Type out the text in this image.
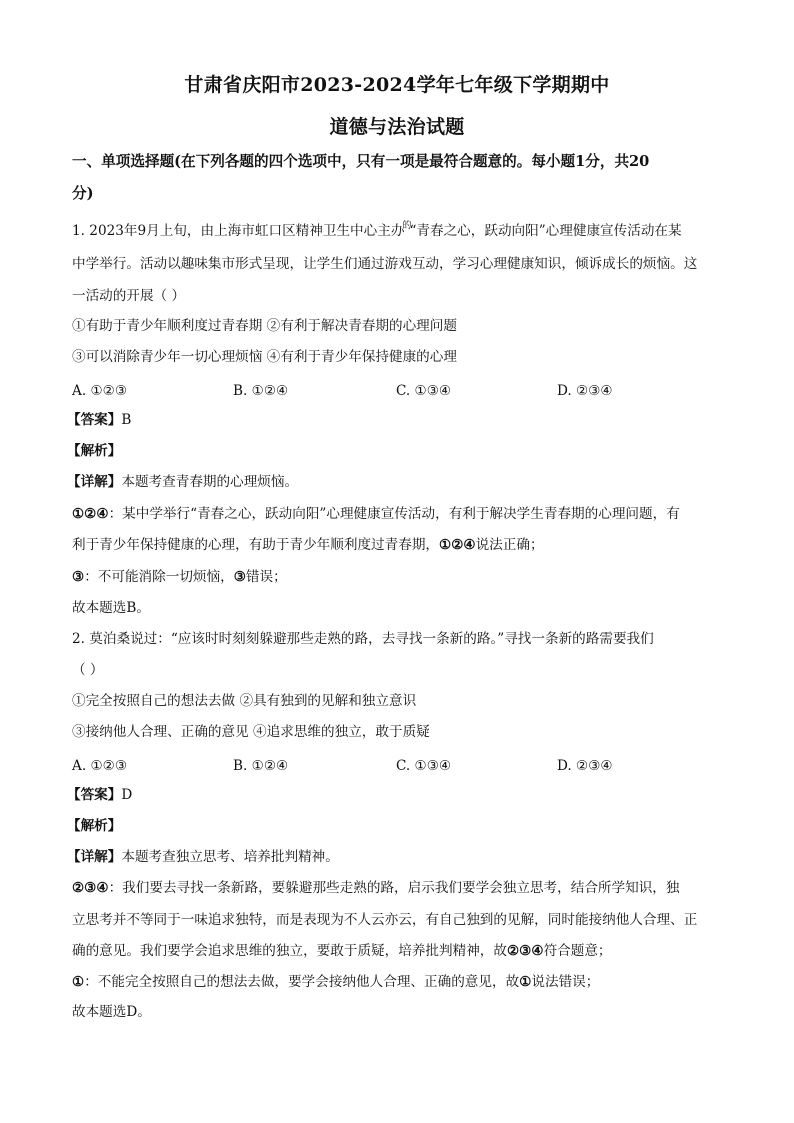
甘肃省庆阳市2023-2024学年七年级下学期期中
道德与法治试题
一、单项选择题(在下列各题的四个选项中，只有一项是最符合题意的。每小题1分，共20
分)
1. 2023年9月上旬，由上海市虹口区精神卫生中心主办$^的$“青春之心，跃动向阳”心理健康宣传活动在某
中学举行。活动以趣味集市形式呈现，让学生们通过游戏互动，学习心理健康知识，倾诉成长的烦恼。这
一活动的开展（ ）
①有助于青少年顺利度过青春期 ②有利于解决青春期的心理问题
③可以消除青少年一切心理烦恼 ④有利于青少年保持健康的心理
A. ①②③	B. ①②④	C. ①③④	D. ②③④
【答案】B
【解析】
【详解】本题考查青春期的心理烦恼。
①②④：某中学举行“青春之心，跃动向阳”心理健康宣传活动，有利于解决学生青春期的心理问题，有
利于青少年保持健康的心理，有助于青少年顺利度过青春期，①②④说法正确；
③：不可能消除一切烦恼，③错误；
故本题选B。
2. 莫泊桑说过：“应该时时刻刻躲避那些走熟的路，去寻找一条新的路。”寻找一条新的路需要我们
（ ）
①完全按照自己的想法去做 ②具有独到的见解和独立意识
③接纳他人合理、正确的意见 ④追求思维的独立，敢于质疑
A. ①②③	B. ①②④	C. ①③④	D. ②③④
【答案】D
【解析】
【详解】本题考查独立思考、培养批判精神。
②③④：我们要去寻找一条新路，要躲避那些走熟的路，启示我们要学会独立思考，结合所学知识，独
立思考并不等同于一味追求独特，而是表现为不人云亦云，有自己独到的见解，同时能接纳他人合理、正
确的意见。我们要学会追求思维的独立，要敢于质疑，培养批判精神，故②③④符合题意；
①：不能完全按照自己的想法去做，要学会接纳他人合理、正确的意见，故①说法错误；
故本题选D。
